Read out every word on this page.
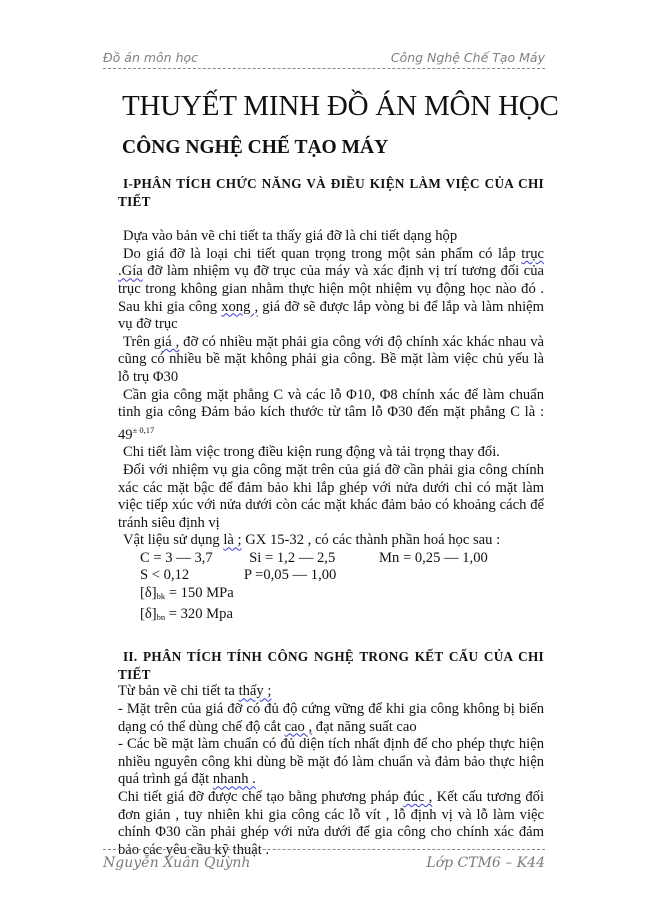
Đồ án môn học	Công Nghệ Chế Tạo Máy
THUYẾT MINH ĐỒ ÁN MÔN HỌC
CÔNG NGHỆ CHẾ TẠO MÁY

I-PHÂN TÍCH CHỨC NĂNG VÀ ĐIỀU KIỆN LÀM VIỆC CỦA CHI TIẾT

Dựa vào bản vẽ chi tiết ta thấy giá đỡ là chi tiết dạng hộp

Do giá đỡ là loại chi tiết quan trọng trong một sản phẩm có lắp trục .Gía đỡ làm nhiệm vụ đỡ trục của máy và xác định vị trí tương đối của trục trong không gian nhằm thực hiện một nhiệm vụ động học nào đó . Sau khi gia công xong , giá đỡ sẽ được lắp vòng bi để lắp và làm nhiệm vụ đỡ trục

Trên giá , đỡ có nhiều mặt phải gia công với độ chính xác khác nhau và cũng có nhiều bề mặt không phải gia công. Bề mặt làm việc chủ yếu là lỗ trụ Φ30

Cần gia công mặt phẳng C và các lỗ Φ10, Φ8 chính xác để làm chuẩn tinh gia công Đảm bảo kích thước từ tâm lỗ Φ30 đến mặt phẳng C là : $49^{\pm 0,17}$

Chi tiết làm việc trong điều kiện rung động và tải trọng thay đổi.

Đối với nhiệm vụ gia công mặt trên của giá đỡ cần phải gia công chính xác các mặt bậc để đảm bảo khi lắp ghép với nửa dưới chỉ có mặt làm việc tiếp xúc với nửa dưới còn các mặt khác đảm bảo có khoảng cách để tránh siêu định vị

Vật liệu sử dụng là ; GX 15-32 , có các thành phần hoá học sau :

C = 3 — 3,7          Si = 1,2 — 2,5            Mn = 0,25 — 1,00
S < 0,12               P =0,05 — 1,00
$[\delta]_{bk} = 150$ MPa
$[\delta]_{bn} = 320$ Mpa

II. PHÂN TÍCH TÍNH CÔNG NGHỆ TRONG KẾT CẤU CỦA CHI TIẾT

Từ bản vẽ chi tiết ta thấy ;

- Mặt trên của giá đỡ có đủ độ cứng vững để khi gia công không bị biến dạng có thể dùng chế độ cắt cao , đạt năng suất cao

- Các bề mặt làm chuẩn có đủ diện tích nhất định để cho phép thực hiện nhiều nguyên công khi dùng bề mặt đó làm chuẩn và đảm bảo thực hiện quá trình gá đặt nhanh .

Chi tiết giá đỡ được chế tạo bằng phương pháp đúc , Kết cấu tương đối đơn giản , tuy nhiên khi gia công các lỗ vít , lỗ định vị và lỗ làm việc chính Φ30 cần phải ghép với nửa dưới để gia công cho chính xác đảm bảo các yêu cầu kỹ thuật .

Nguyễn Xuân Quỳnh	Lớp CTM6 – K44
